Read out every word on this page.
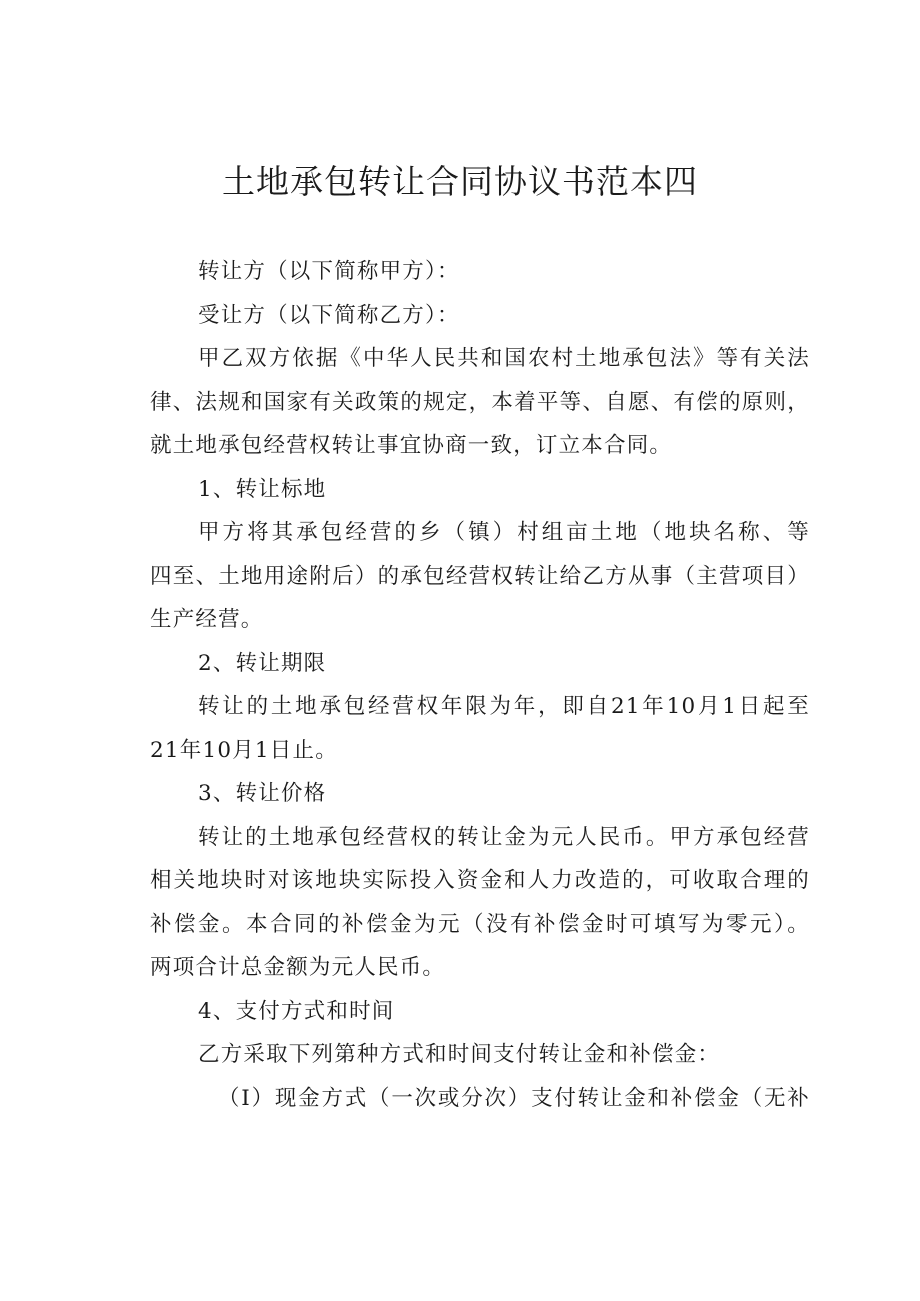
土地承包转让合同协议书范本四
转让方（以下简称甲方）：
受让方（以下简称乙方）：
甲乙双方依据《中华人民共和国农村土地承包法》等有关法
律、法规和国家有关政策的规定，本着平等、自愿、有偿的原则，
就土地承包经营权转让事宜协商一致，订立本合同。
1、转让标地
甲方将其承包经营的乡（镇）村组亩土地（地块名称、等
四至、土地用途附后）的承包经营权转让给乙方从事（主营项目）
生产经营。
2、转让期限
转让的土地承包经营权年限为年，即自21年10月1日起至
21年10月1日止。
3、转让价格
转让的土地承包经营权的转让金为元人民币。甲方承包经营
相关地块时对该地块实际投入资金和人力改造的，可收取合理的
补偿金。本合同的补偿金为元（没有补偿金时可填写为零元）。
两项合计总金额为元人民币。
4、支付方式和时间
乙方采取下列第种方式和时间支付转让金和补偿金：
（I）现金方式（一次或分次）支付转让金和补偿金（无补
